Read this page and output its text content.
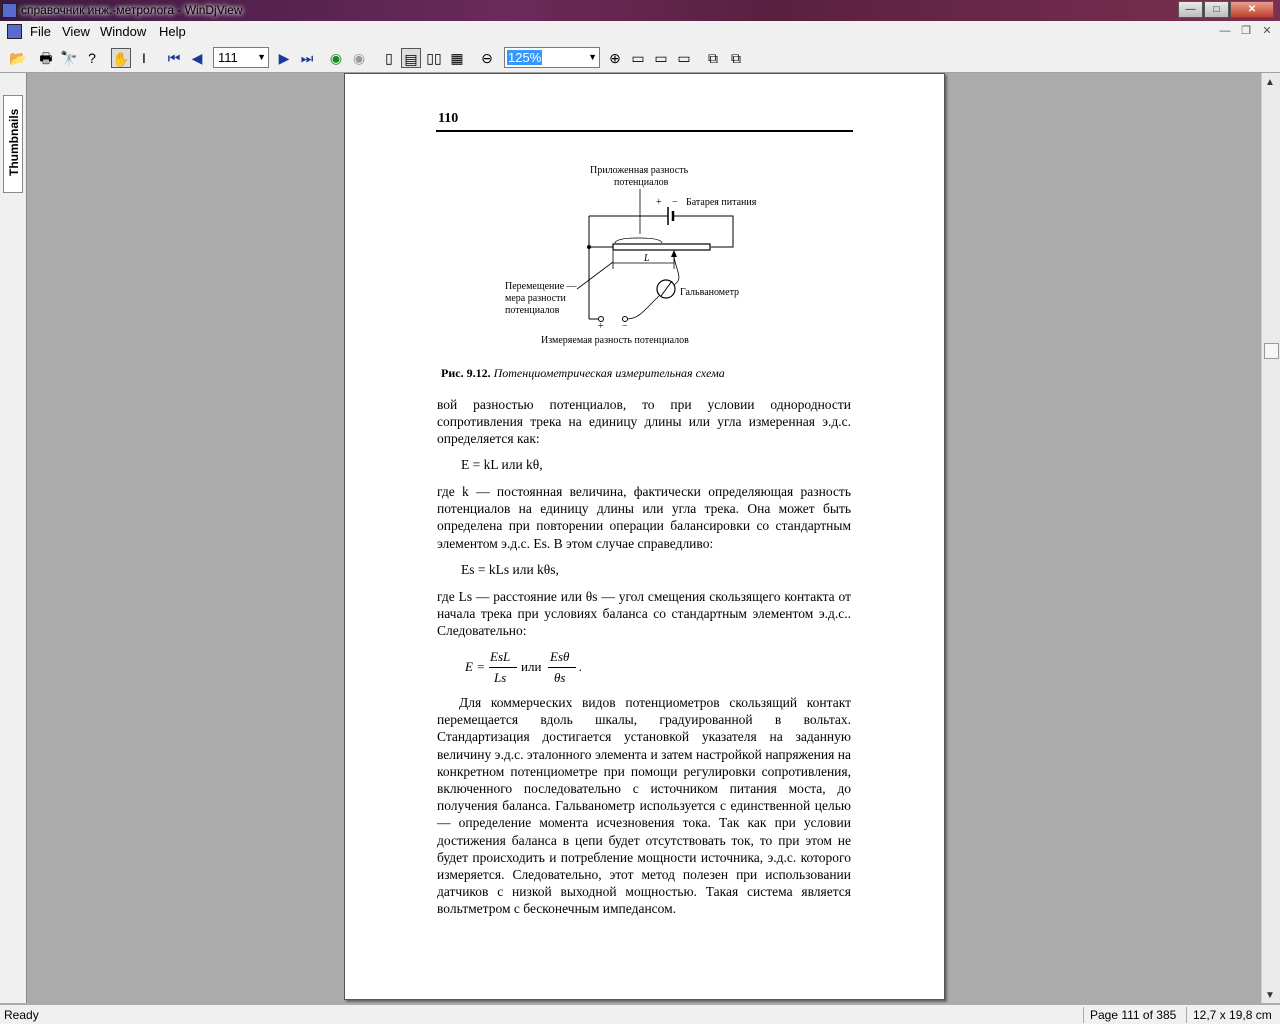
справочник инж.-метролога - WinDjView	—	□	✕
File View Window Help	— ❐	✕
📂 🖶 🔭 ?	✋ I	⏮ ◀	111 ▼ ▶ ⏭ ◉ ◉	▯ ▤ ▯▯ ▦ ⊖	125%	▼ ⊕ ▭ ▭ ▭	⧉ ⧉
Thumbnails	110
Приложенная разность
потенциалов
+ − Батарея питания
L
Гальванометр
Перемещение —
мера разности
потенциалов
+ −
Измеряемая разность потенциалов
Рис. 9.12. Потенциометрическая измерительная схема
вой разностью потенциалов, то при условии однородности сопротивления трека на единицу длины или угла измеренная э.д.с. определяется как:
E = kL или kθ,
где k — постоянная величина, фактически определяющая разность потенциалов на единицу длины или угла трека. Она может быть определена при повторении операции балансировки со стандартным элементом э.д.с. Es. В этом случае справедливо:
Es = kLs или kθs,
где Ls — расстояние или θs — угол смещения скользящего контакта от начала трека при условиях баланса со стандартным элементом э.д.с.. Следовательно:
E =
EsL
Ls
или
Esθ
θs
.
Для коммерческих видов потенциометров скользящий контакт перемещается вдоль шкалы, градуированной в вольтах. Стандартизация достигается установкой указателя на заданную величину э.д.с. эталонного элемента и затем настройкой напряжения на конкретном потенциометре при помощи регулировки сопротивления, включенного последовательно с источником питания моста, до получения баланса. Гальванометр используется с единственной целью — определение момента исчезновения тока. Так как при условии достижения баланса в цепи будет отсутствовать ток, то при этом не будет происходить и потребление мощности источника, э.д.с. которого измеряется. Следовательно, этот метод полезен при использовании датчиков с низкой выходной мощностью. Такая система является вольтметром с бесконечным импедансом.
▲
▼
Ready	Page 111 of 385 12,7 x 19,8 cm
